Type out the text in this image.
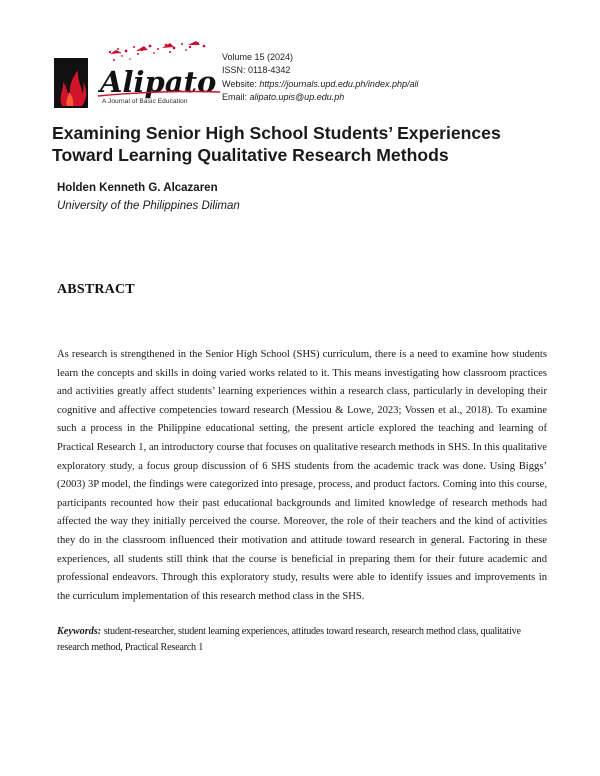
Alipato
A Journal of Basic Education
Volume 15 (2024)
ISSN: 0118-4342
Website: https://journals.upd.edu.ph/index.php/ali
Email: alipato.upis@up.edu.ph
Examining Senior High School Students’ Experiences
Toward Learning Qualitative Research Methods
Holden Kenneth G. Alcazaren
University of the Philippines Diliman
ABSTRACT

As research is strengthened in the Senior High School (SHS) curriculum, there is a need to examine how students learn the concepts and skills in doing varied works related to it. This means investigating how classroom practices and activities greatly affect students’ learning experiences within a research class, particularly in developing their cognitive and affective competencies toward research (Messiou & Lowe, 2023; Vossen et al., 2018). To examine such a process in the Philippine educational setting, the present article explored the teaching and learning of Practical Research 1, an introductory course that focuses on qualitative research methods in SHS. In this qualitative exploratory study, a focus group discussion of 6 SHS students from the academic track was done. Using Biggs’ (2003) 3P model, the findings were categorized into presage, process, and product factors. Coming into this course, participants recounted how their past educational backgrounds and limited knowledge of research methods had affected the way they initially perceived the course. Moreover, the role of their teachers and the kind of activities they do in the classroom influenced their motivation and attitude toward research in general. Factoring in these experiences, all students still think that the course is beneficial in preparing them for their future academic and professional endeavors. Through this exploratory study, results were able to identify issues and improvements in the curriculum implementation of this research method class in the SHS.

Keywords: student-researcher, student learning experiences, attitudes toward research, research method class, qualitative research method, Practical Research 1
